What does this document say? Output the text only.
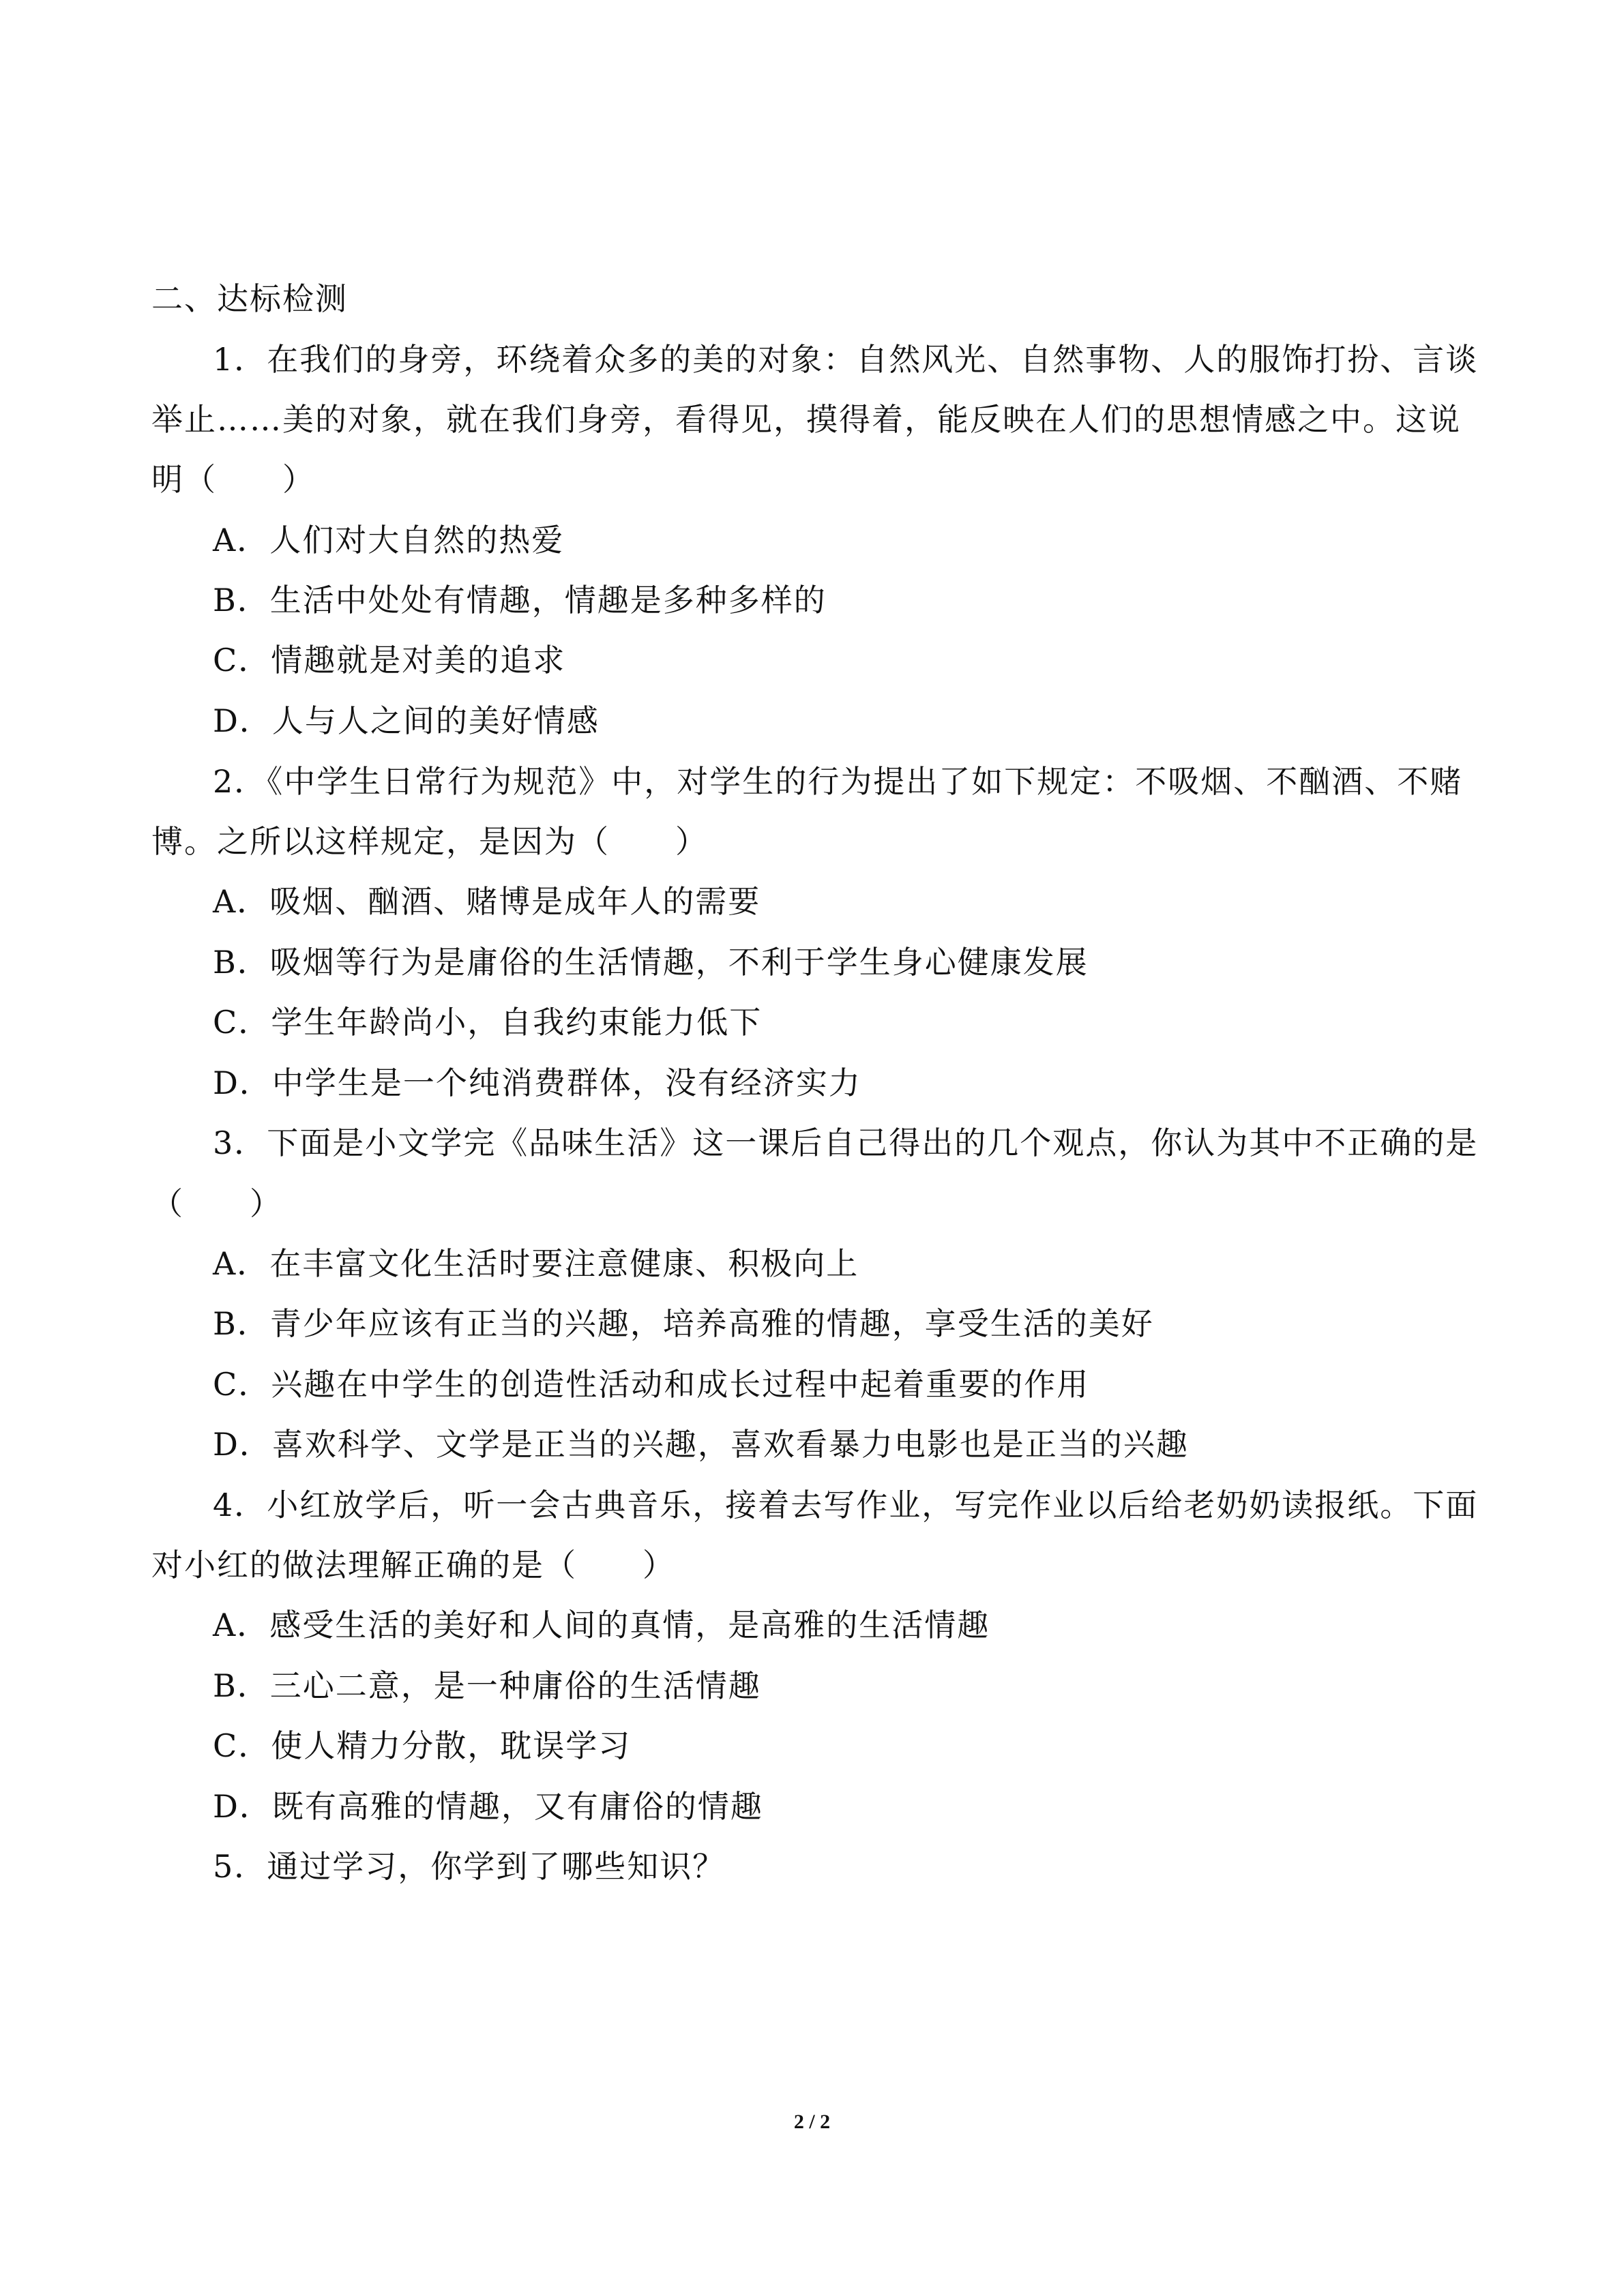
二、达标检测
1．在我们的身旁，环绕着众多的美的对象：自然风光、自然事物、人的服饰打扮、言谈
举止……美的对象，就在我们身旁，看得见，摸得着，能反映在人们的思想情感之中。这说
明（　　）
A．人们对大自然的热爱
B．生活中处处有情趣，情趣是多种多样的
C．情趣就是对美的追求
D．人与人之间的美好情感
2．《中学生日常行为规范》中，对学生的行为提出了如下规定：不吸烟、不酗酒、不赌
博。之所以这样规定，是因为（　　）
A．吸烟、酗酒、赌博是成年人的需要
B．吸烟等行为是庸俗的生活情趣，不利于学生身心健康发展
C．学生年龄尚小，自我约束能力低下
D．中学生是一个纯消费群体，没有经济实力
3．下面是小文学完《品味生活》这一课后自己得出的几个观点，你认为其中不正确的是
（　　）
A．在丰富文化生活时要注意健康、积极向上
B．青少年应该有正当的兴趣，培养高雅的情趣，享受生活的美好
C．兴趣在中学生的创造性活动和成长过程中起着重要的作用
D．喜欢科学、文学是正当的兴趣，喜欢看暴力电影也是正当的兴趣
4．小红放学后，听一会古典音乐，接着去写作业，写完作业以后给老奶奶读报纸。下面
对小红的做法理解正确的是（　　）
A．感受生活的美好和人间的真情，是高雅的生活情趣
B．三心二意，是一种庸俗的生活情趣
C．使人精力分散，耽误学习
D．既有高雅的情趣，又有庸俗的情趣
5．通过学习，你学到了哪些知识？
2 / 2
